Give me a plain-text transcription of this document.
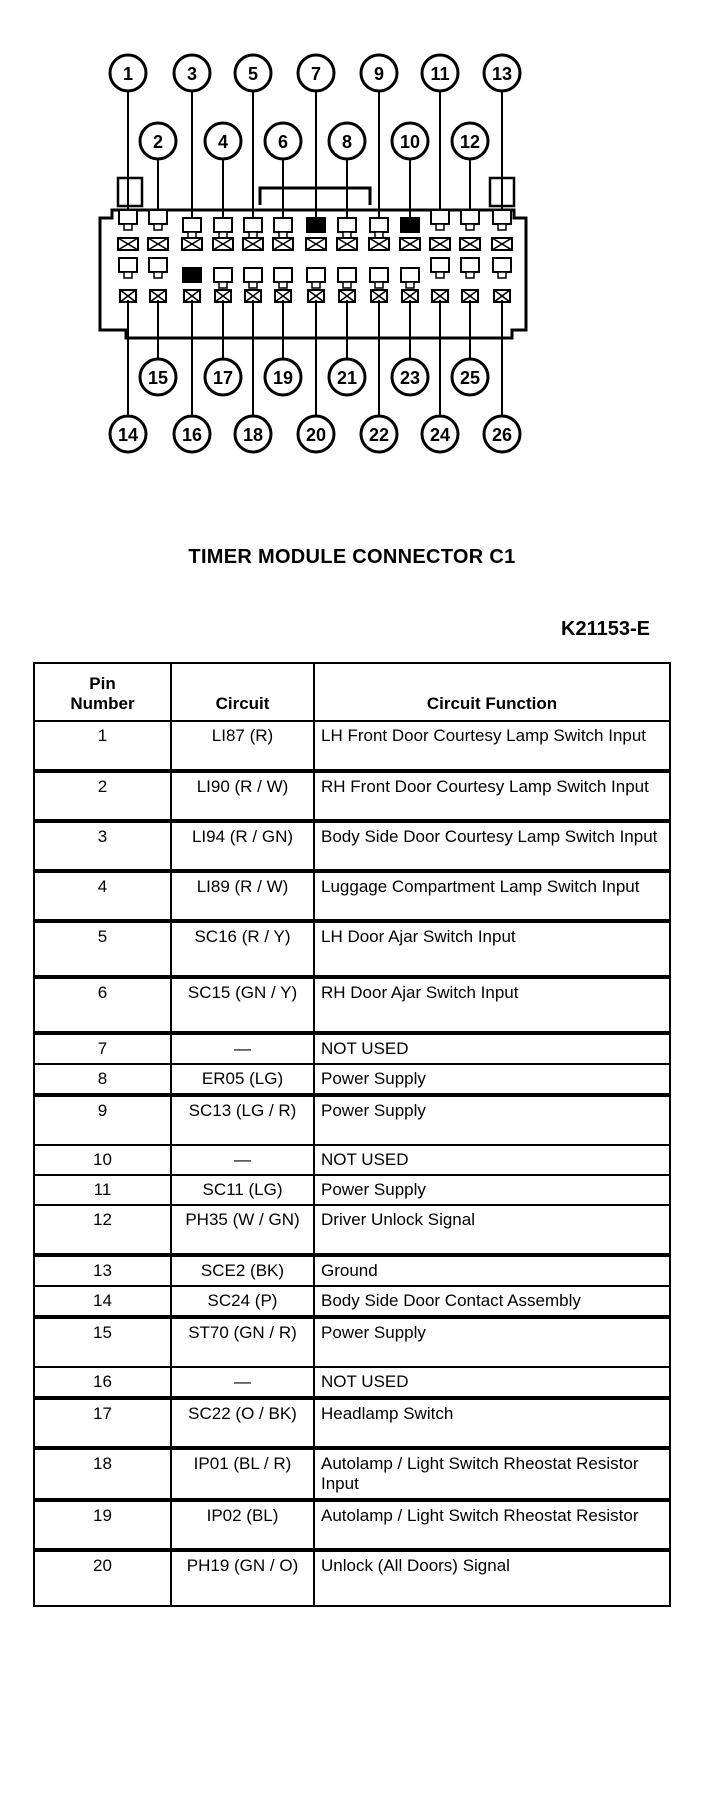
1
2
3
4
5
6
7
8
9
10
11
12
13
14
15
16
17
18
19
20
21
22
23
24
25
26
TIMER MODULE CONNECTOR C1
K21153-E
Pin
Number	Circuit	Circuit Function
1	LI87 (R)	LH Front Door Courtesy Lamp Switch Input
2	LI90 (R / W)	RH Front Door Courtesy Lamp Switch Input
3	LI94 (R / GN)	Body Side Door Courtesy Lamp Switch Input
4	LI89 (R / W)	Luggage Compartment Lamp Switch Input
5	SC16 (R / Y)	LH Door Ajar Switch Input
6	SC15 (GN / Y)	RH Door Ajar Switch Input
7	—	NOT USED
8	ER05 (LG)	Power Supply
9	SC13 (LG / R)	Power Supply
10	—	NOT USED
11	SC11 (LG)	Power Supply
12	PH35 (W / GN)	Driver Unlock Signal
13	SCE2 (BK)	Ground
14	SC24 (P)	Body Side Door Contact Assembly
15	ST70 (GN / R)	Power Supply
16	—	NOT USED
17	SC22 (O / BK)	Headlamp Switch
18	IP01 (BL / R)	Autolamp / Light Switch Rheostat Resistor Input
19	IP02 (BL)	Autolamp / Light Switch Rheostat Resistor
20	PH19 (GN / O)	Unlock (All Doors) Signal
